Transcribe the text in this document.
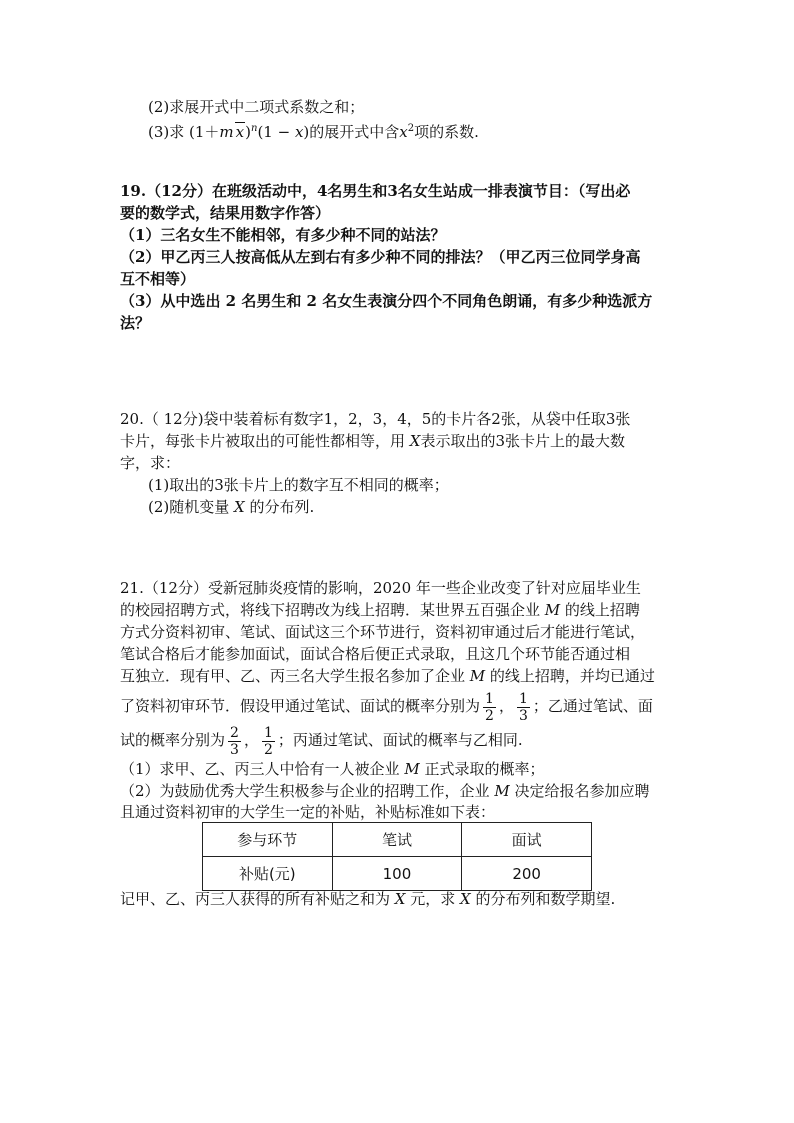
(2)求展开式中二项式系数之和；
(3)求 (1＋m x)$^n$(1 − x)的展开式中含$x^2$项的系数.
19.（12分）在班级活动中，4名男生和3名女生站成一排表演节目：（写出必
要的数学式，结果用数字作答）
（1）三名女生不能相邻，有多少种不同的站法？
（2）甲乙丙三人按高低从左到右有多少种不同的排法？（甲乙丙三位同学身高
互不相等）
（3）从中选出 2 名男生和 2 名女生表演分四个不同角色朗诵，有多少种选派方
法？
20.（ 12分)袋中装着标有数字1，2，3，4，5的卡片各2张，从袋中任取3张
卡片，每张卡片被取出的可能性都相等，用 X表示取出的3张卡片上的最大数
字，求：
(1)取出的3张卡片上的数字互不相同的概率；
(2)随机变量 X 的分布列.
21.（12分）受新冠肺炎疫情的影响，2020 年一些企业改变了针对应届毕业生
的校园招聘方式，将线下招聘改为线上招聘．某世界五百强企业 M 的线上招聘
方式分资料初审、笔试、面试这三个环节进行，资料初审通过后才能进行笔试，
笔试合格后才能参加面试，面试合格后便正式录取，且这几个环节能否通过相
互独立．现有甲、乙、丙三名大学生报名参加了企业 M 的线上招聘，并均已通过
了资料初审环节．假设甲通过笔试、面试的概率分别为 $\frac{1}{2}$ ， $\frac{1}{3}$ ；乙通过笔试、面
试的概率分别为 $\frac{2}{3}$ ， $\frac{1}{2}$ ；丙通过笔试、面试的概率与乙相同.
（1）求甲、乙、丙三人中恰有一人被企业 M 正式录取的概率；
（2）为鼓励优秀大学生积极参与企业的招聘工作，企业 M 决定给报名参加应聘
且通过资料初审的大学生一定的补贴，补贴标准如下表：
参与环节	笔试	面试
补贴(元)	100	200
记甲、乙、丙三人获得的所有补贴之和为 X 元，求 X 的分布列和数学期望.
